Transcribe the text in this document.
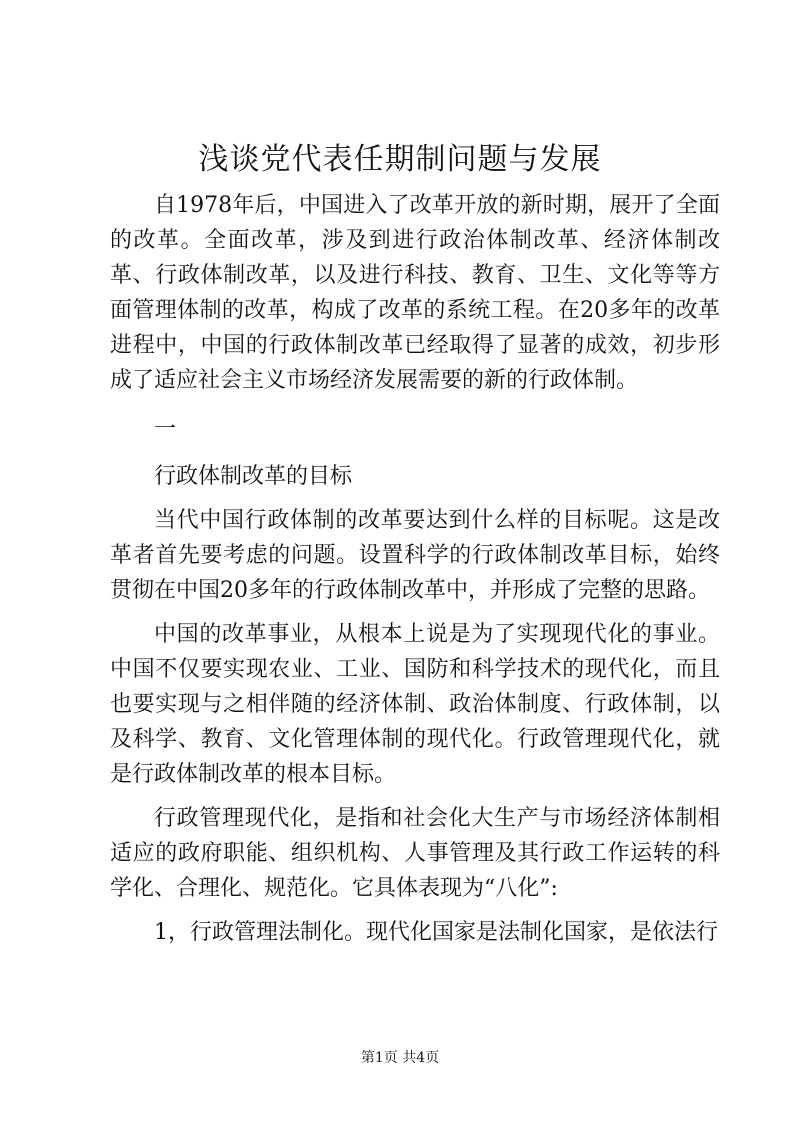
浅谈党代表任期制问题与发展

自1978年后，中国进入了改革开放的新时期，展开了全面的改革。全面改革，涉及到进行政治体制改革、经济体制改革、行政体制改革，以及进行科技、教育、卫生、文化等等方面管理体制的改革，构成了改革的系统工程。在20多年的改革进程中，中国的行政体制改革已经取得了显著的成效，初步形成了适应社会主义市场经济发展需要的新的行政体制。

一

行政体制改革的目标

当代中国行政体制的改革要达到什么样的目标呢。这是改革者首先要考虑的问题。设置科学的行政体制改革目标，始终贯彻在中国20多年的行政体制改革中，并形成了完整的思路。

中国的改革事业，从根本上说是为了实现现代化的事业。中国不仅要实现农业、工业、国防和科学技术的现代化，而且也要实现与之相伴随的经济体制、政治体制度、行政体制，以及科学、教育、文化管理体制的现代化。行政管理现代化，就是行政体制改革的根本目标。

行政管理现代化，是指和社会化大生产与市场经济体制相适应的政府职能、组织机构、人事管理及其行政工作运转的科学化、合理化、规范化。它具体表现为“八化”:

1，行政管理法制化。现代化国家是法制化国家，是依法行

第1页 共4页
